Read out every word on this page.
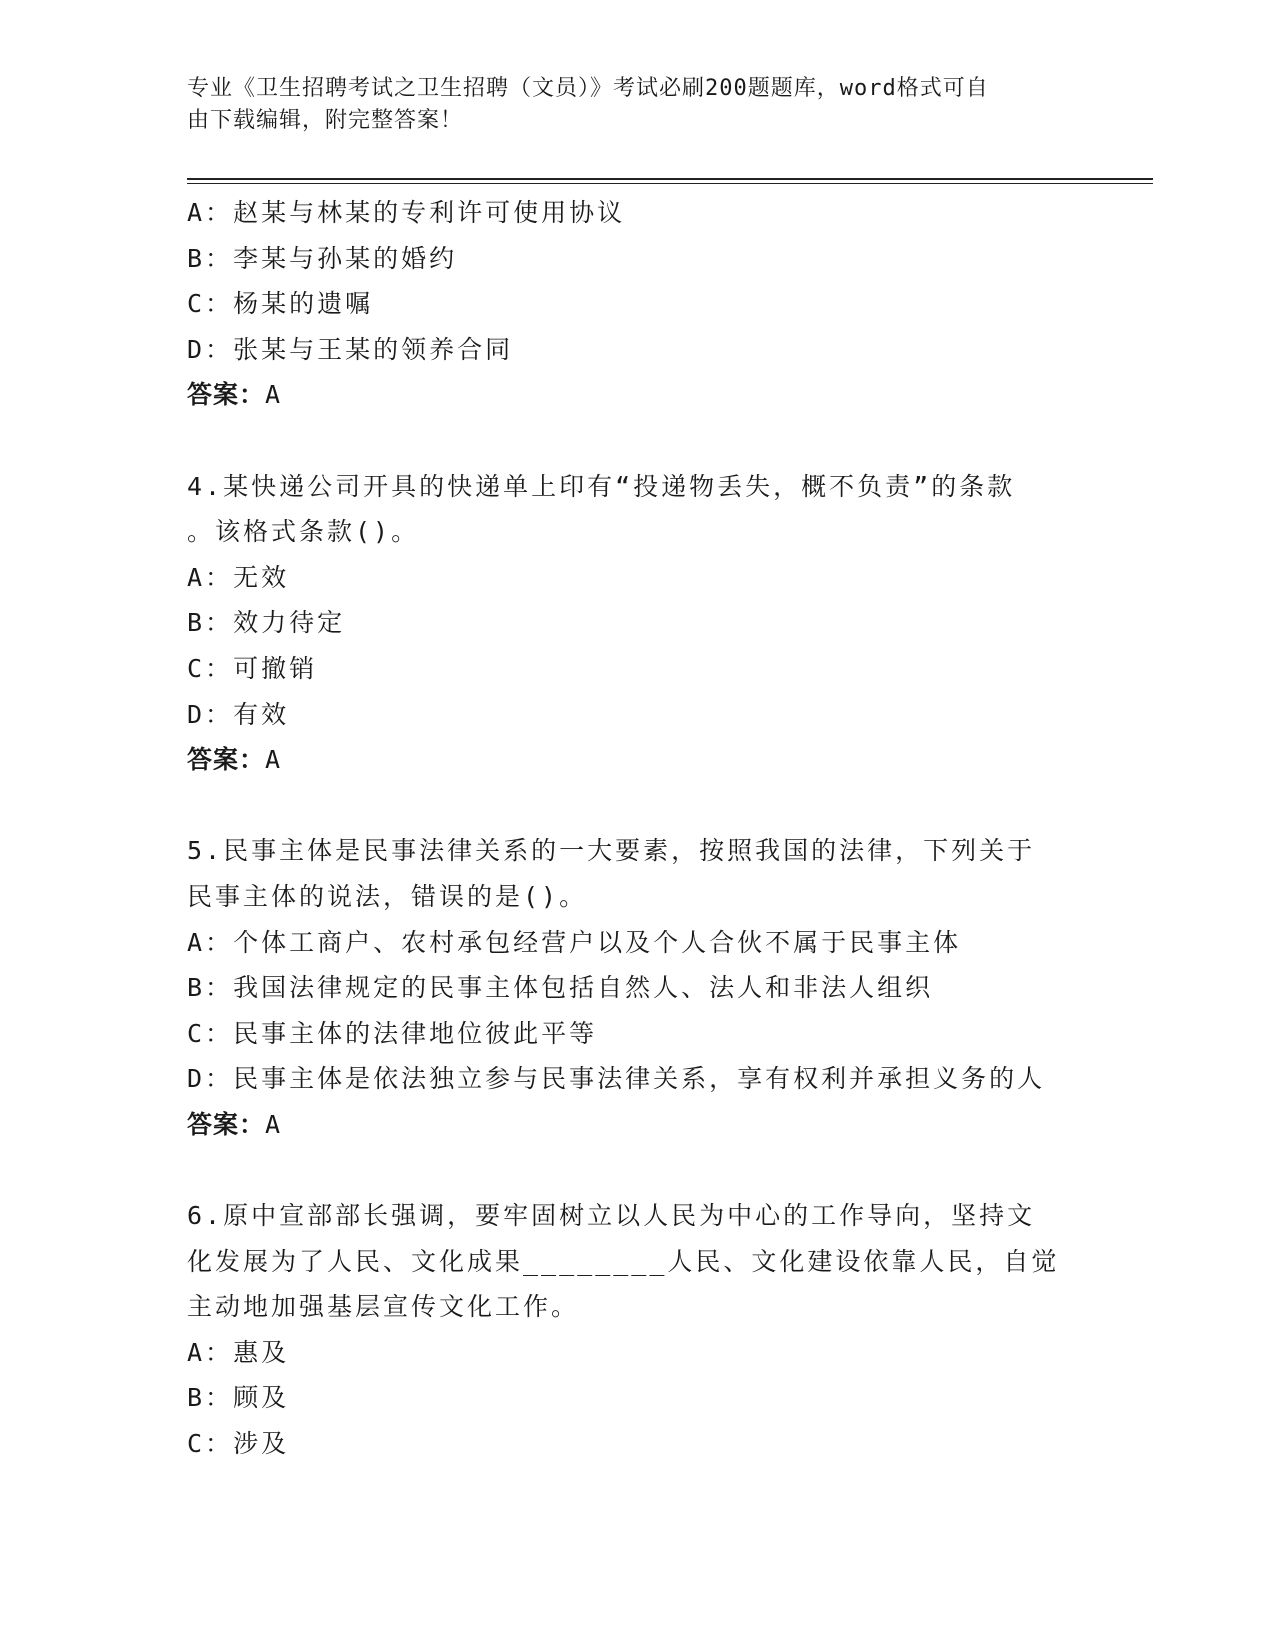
专业《卫生招聘考试之卫生招聘（文员）》考试必刷200题题库，word格式可自
由下载编辑，附完整答案！
A：赵某与林某的专利许可使用协议
B：李某与孙某的婚约
C：杨某的遗嘱
D：张某与王某的领养合同
答案：A
4.某快递公司开具的快递单上印有“投递物丢失，概不负责”的条款
。该格式条款()。
A：无效
B：效力待定
C：可撤销
D：有效
答案：A
5.民事主体是民事法律关系的一大要素，按照我国的法律，下列关于
民事主体的说法，错误的是()。
A：个体工商户、农村承包经营户以及个人合伙不属于民事主体
B：我国法律规定的民事主体包括自然人、法人和非法人组织
C：民事主体的法律地位彼此平等
D：民事主体是依法独立参与民事法律关系，享有权利并承担义务的人
答案：A
6.原中宣部部长强调，要牢固树立以人民为中心的工作导向，坚持文
化发展为了人民、文化成果________人民、文化建设依靠人民，自觉
主动地加强基层宣传文化工作。
A：惠及
B：顾及
C：涉及
